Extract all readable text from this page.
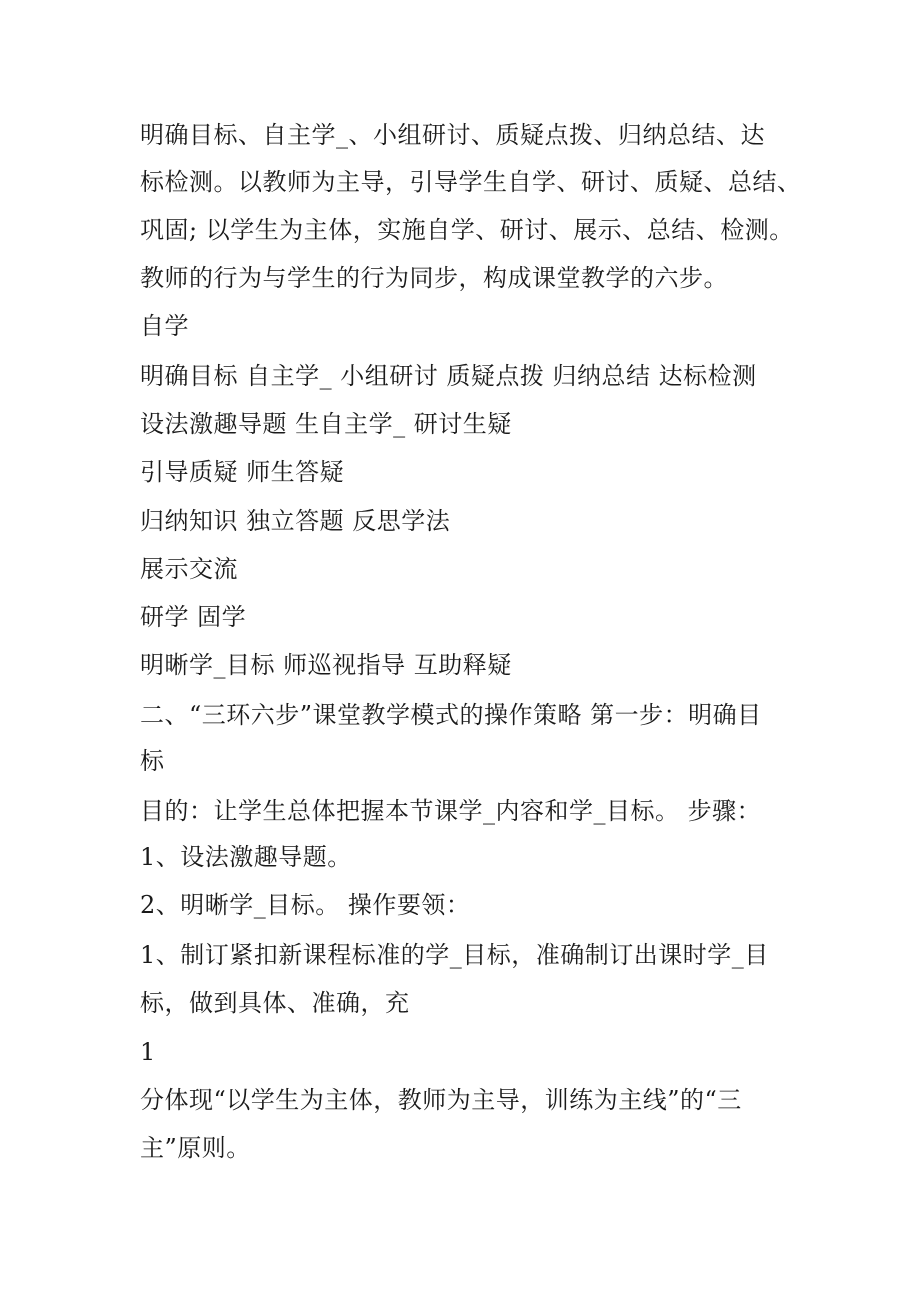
明确目标、自主学_、小组研讨、质疑点拨、归纳总结、达
标检测。以教师为主导，引导学生自学、研讨、质疑、总结、
巩固; 以学生为主体，实施自学、研讨、展示、总结、检测。
教师的行为与学生的行为同步，构成课堂教学的六步。
自学
明确目标 自主学_ 小组研讨 质疑点拨 归纳总结 达标检测
设法激趣导题 生自主学_ 研讨生疑
引导质疑 师生答疑
归纳知识 独立答题 反思学法
展示交流
研学 固学
明晰学_目标 师巡视指导 互助释疑
二、“三环六步”课堂教学模式的操作策略 第一步：明确目
标
目的：让学生总体把握本节课学_内容和学_目标。 步骤：
1、设法激趣导题。
2、明晰学_目标。 操作要领：
1、制订紧扣新课程标准的学_目标，准确制订出课时学_目
标，做到具体、准确，充
1
分体现“以学生为主体，教师为主导，训练为主线”的“三
主”原则。
